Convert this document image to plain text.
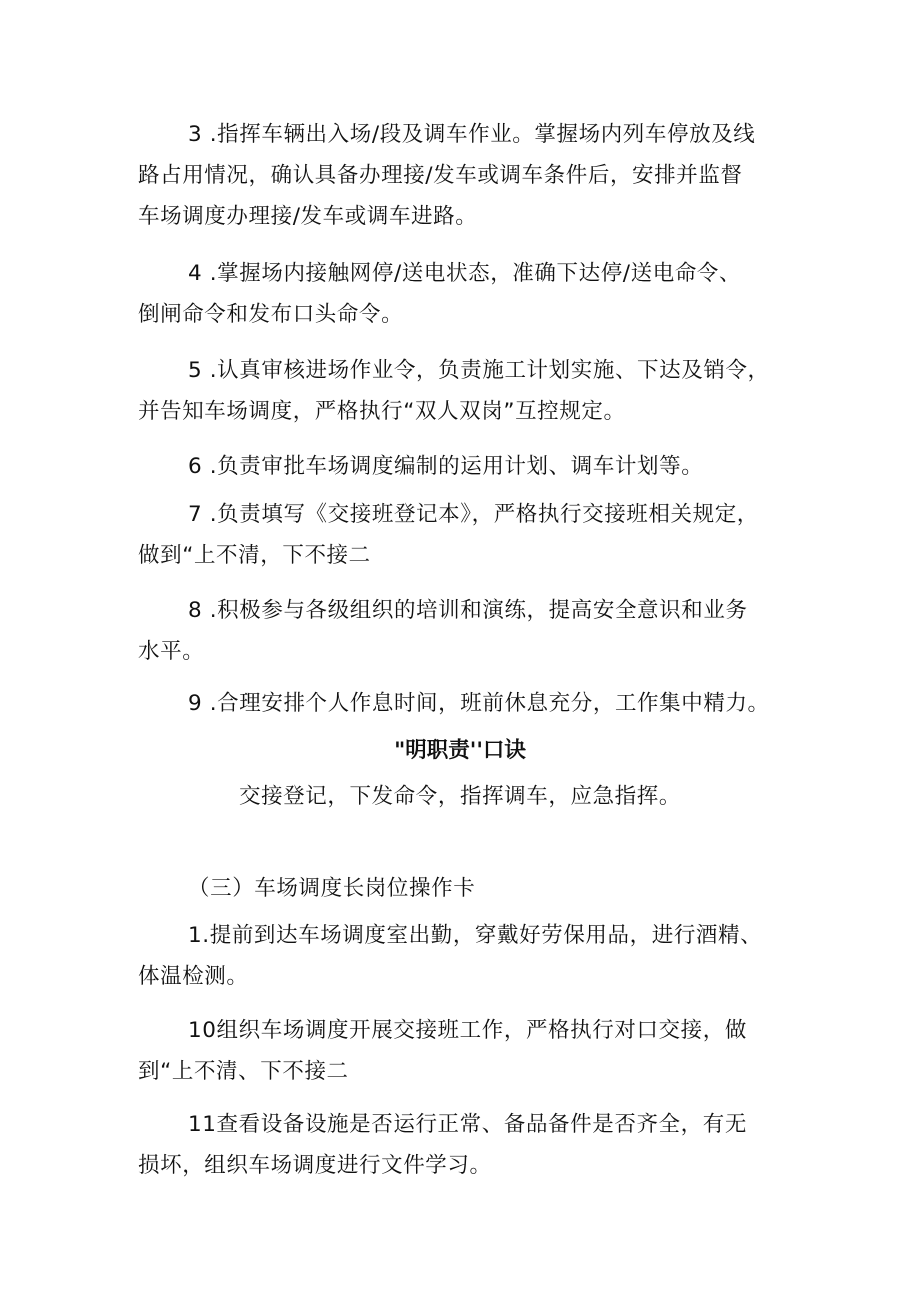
3 .指挥车辆出入场/段及调车作业。掌握场内列车停放及线
路占用情况，确认具备办理接/发车或调车条件后，安排并监督
车场调度办理接/发车或调车进路。

4 .掌握场内接触网停/送电状态，准确下达停/送电命令、
倒闸命令和发布口头命令。

5 .认真审核进场作业令，负责施工计划实施、下达及销令，
并告知车场调度，严格执行“双人双岗”互控规定。

6 .负责审批车场调度编制的运用计划、调车计划等。

7 .负责填写《交接班登记本》，严格执行交接班相关规定，
做到“上不清，下不接二

8 .积极参与各级组织的培训和演练，提高安全意识和业务
水平。

9 .合理安排个人作息时间，班前休息充分，工作集中精力。

"明职责''口诀

交接登记，下发命令，指挥调车，应急指挥。

（三）车场调度长岗位操作卡

1.提前到达车场调度室出勤，穿戴好劳保用品，进行酒精、
体温检测。

10组织车场调度开展交接班工作，严格执行对口交接，做
到“上不清、下不接二

11查看设备设施是否运行正常、备品备件是否齐全，有无
损坏，组织车场调度进行文件学习。
